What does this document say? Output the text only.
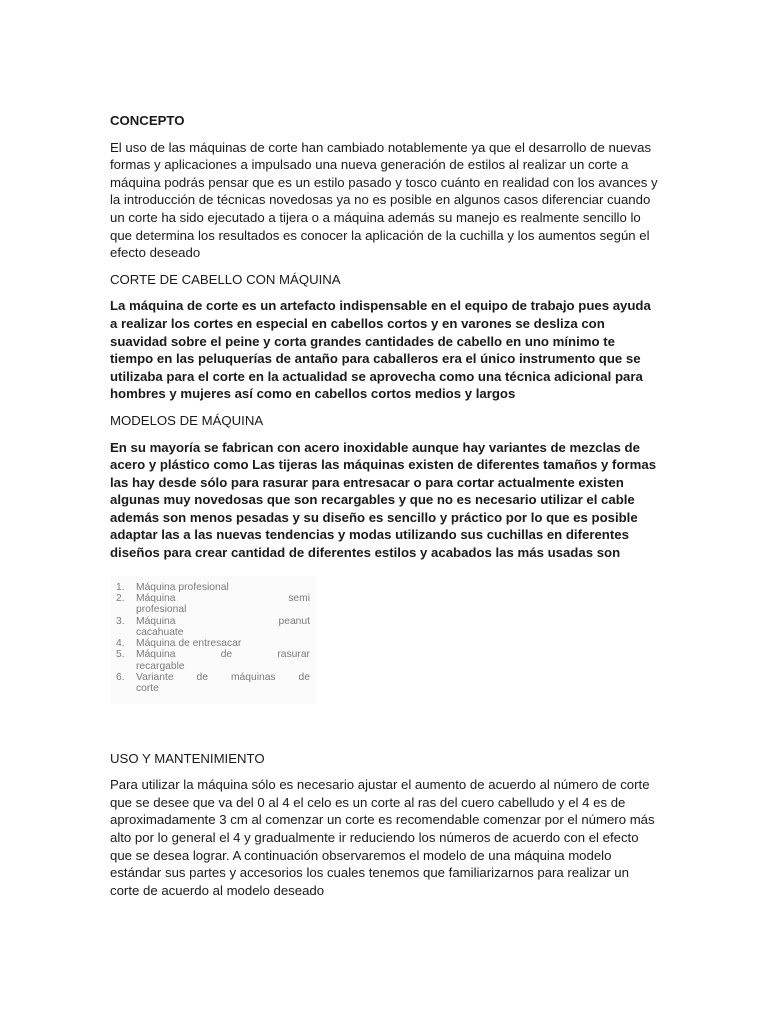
CONCEPTO

El uso de las máquinas de corte han cambiado notablemente ya que el desarrollo de nuevas formas y aplicaciones a impulsado una nueva generación de estilos al realizar un corte a máquina podrás pensar que es un estilo pasado y tosco cuánto en realidad con los avances y la introducción de técnicas novedosas ya no es posible en algunos casos diferenciar cuando un corte ha sido ejecutado a tijera o a máquina además su manejo es realmente sencillo lo que determina los resultados es conocer la aplicación de la cuchilla y los aumentos según el efecto deseado

CORTE DE CABELLO CON MÁQUINA

La máquina de corte es un artefacto indispensable en el equipo de trabajo pues ayuda a realizar los cortes en especial en cabellos cortos y en varones se desliza con suavidad sobre el peine y corta grandes cantidades de cabello en uno mínimo te tiempo en las peluquerías de antaño para caballeros era el único instrumento que se utilizaba para el corte en la actualidad se aprovecha como una técnica adicional para hombres y mujeres así como en cabellos cortos medios y largos

MODELOS DE MÁQUINA

En su mayoría se fabrican con acero inoxidable aunque hay variantes de mezclas de acero y plástico como Las tijeras las máquinas existen de diferentes tamaños y formas las hay desde sólo para rasurar para entresacar o para cortar actualmente existen algunas muy novedosas que son recargables y que no es necesario utilizar el cable además son menos pesadas y su diseño es sencillo y práctico por lo que es posible adaptar las a las nuevas tendencias y modas utilizando sus cuchillas en diferentes diseños para crear cantidad de diferentes estilos y acabados las más usadas son

1.	Máquina profesional
2.	Máquina	semi
profesional
3.	Máquina	peanut
cacahuate
4.	Máquina de entresacar
5.	Máquina	de	rasurar
recargable
6.	Variante de máquinas de
corte

USO Y MANTENIMIENTO

Para utilizar la máquina sólo es necesario ajustar el aumento de acuerdo al número de corte que se desee que va del 0 al 4 el celo es un corte al ras del cuero cabelludo y el 4 es de aproximadamente 3 cm al comenzar un corte es recomendable comenzar por el número más alto por lo general el 4 y gradualmente ir reduciendo los números de acuerdo con el efecto que se desea lograr. A continuación observaremos el modelo de una máquina modelo estándar sus partes y accesorios los cuales tenemos que familiarizarnos para realizar un corte de acuerdo al modelo deseado
